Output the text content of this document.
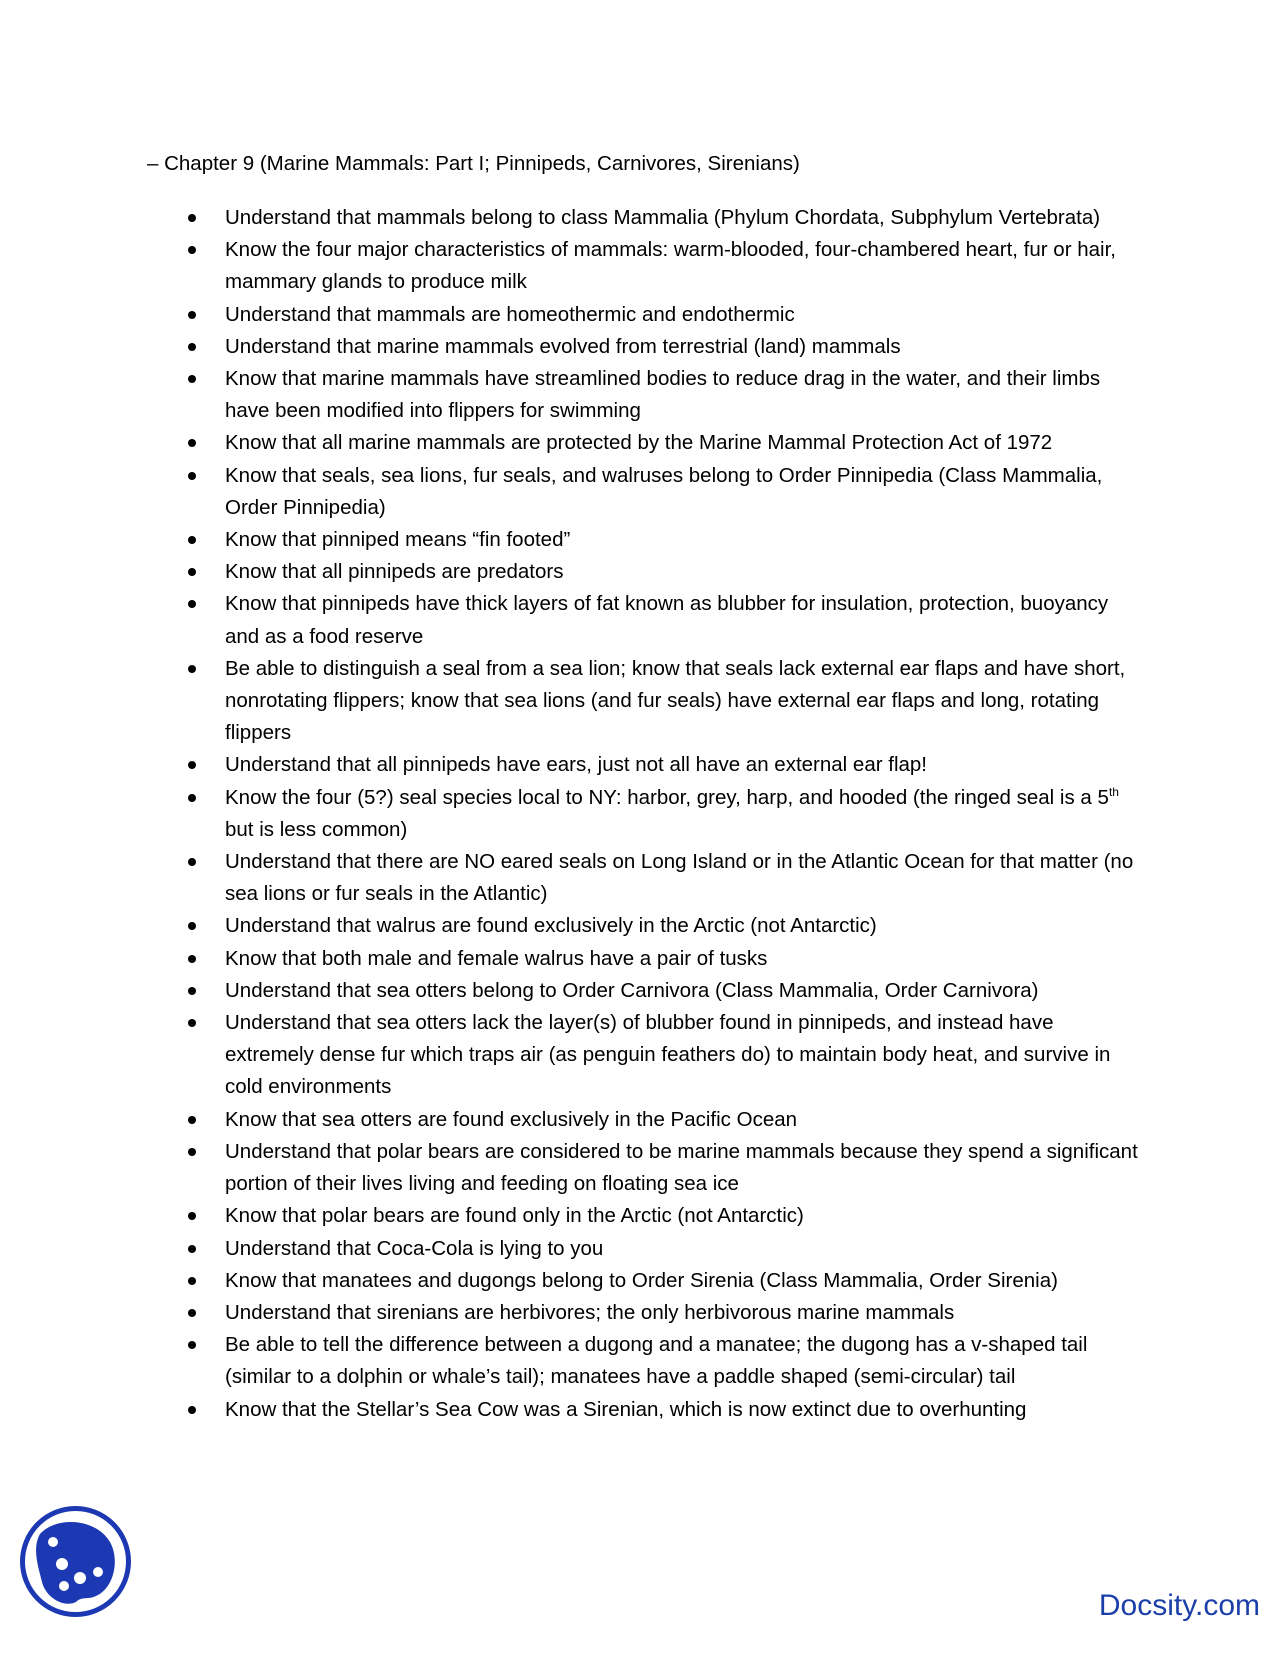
– Chapter 9 (Marine Mammals: Part I; Pinnipeds, Carnivores, Sirenians)
Understand that mammals belong to class Mammalia (Phylum Chordata, Subphylum Vertebrata)
Know the four major characteristics of mammals: warm-blooded, four-chambered heart, fur or hair, mammary glands to produce milk
Understand that mammals are homeothermic and endothermic
Understand that marine mammals evolved from terrestrial (land) mammals
Know that marine mammals have streamlined bodies to reduce drag in the water, and their limbs have been modified into flippers for swimming
Know that all marine mammals are protected by the Marine Mammal Protection Act of 1972
Know that seals, sea lions, fur seals, and walruses belong to Order Pinnipedia (Class Mammalia, Order Pinnipedia)
Know that pinniped means “fin footed”
Know that all pinnipeds are predators
Know that pinnipeds have thick layers of fat known as blubber for insulation, protection, buoyancy and as a food reserve
Be able to distinguish a seal from a sea lion; know that seals lack external ear flaps and have short, nonrotating flippers; know that sea lions (and fur seals) have external ear flaps and long, rotating flippers
Understand that all pinnipeds have ears, just not all have an external ear flap!
Know the four (5?) seal species local to NY: harbor, grey, harp, and hooded (the ringed seal is a 5th but is less common)
Understand that there are NO eared seals on Long Island or in the Atlantic Ocean for that matter (no sea lions or fur seals in the Atlantic)
Understand that walrus are found exclusively in the Arctic (not Antarctic)
Know that both male and female walrus have a pair of tusks
Understand that sea otters belong to Order Carnivora (Class Mammalia, Order Carnivora)
Understand that sea otters lack the layer(s) of blubber found in pinnipeds, and instead have extremely dense fur which traps air (as penguin feathers do) to maintain body heat, and survive in cold environments
Know that sea otters are found exclusively in the Pacific Ocean
Understand that polar bears are considered to be marine mammals because they spend a significant portion of their lives living and feeding on floating sea ice
Know that polar bears are found only in the Arctic (not Antarctic)
Understand that Coca-Cola is lying to you
Know that manatees and dugongs belong to Order Sirenia (Class Mammalia, Order Sirenia)
Understand that sirenians are herbivores; the only herbivorous marine mammals
Be able to tell the difference between a dugong and a manatee; the dugong has a v-shaped tail (similar to a dolphin or whale’s tail); manatees have a paddle shaped (semi-circular) tail
Know that the Stellar’s Sea Cow was a Sirenian, which is now extinct due to overhunting
Docsity.com
